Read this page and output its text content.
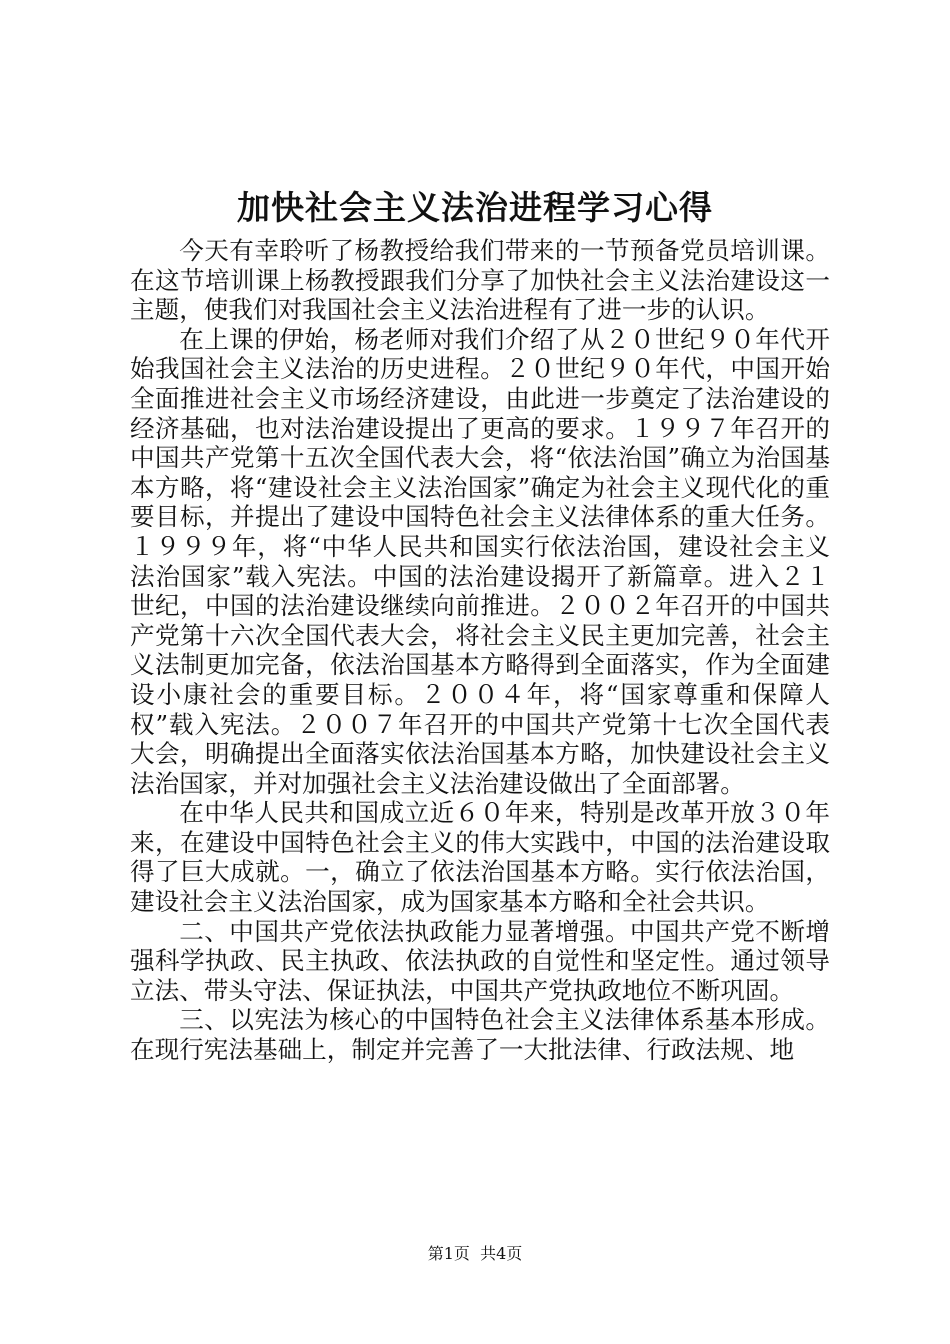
加快社会主义法治进程学习心得

今天有幸聆听了杨教授给我们带来的一节预备党员培训课。在这节培训课上杨教授跟我们分享了加快社会主义法治建设这一主题，使我们对我国社会主义法治进程有了进一步的认识。

在上课的伊始，杨老师对我们介绍了从２０世纪９０年代开始我国社会主义法治的历史进程。２０世纪９０年代，中国开始全面推进社会主义市场经济建设，由此进一步奠定了法治建设的经济基础，也对法治建设提出了更高的要求。１９９７年召开的中国共产党第十五次全国代表大会，将“依法治国”确立为治国基本方略，将“建设社会主义法治国家”确定为社会主义现代化的重要目标，并提出了建设中国特色社会主义法律体系的重大任务。１９９９年，将“中华人民共和国实行依法治国，建设社会主义法治国家”载入宪法。中国的法治建设揭开了新篇章。进入２１世纪，中国的法治建设继续向前推进。２００２年召开的中国共产党第十六次全国代表大会，将社会主义民主更加完善，社会主义法制更加完备，依法治国基本方略得到全面落实，作为全面建设小康社会的重要目标。２００４年，将“国家尊重和保障人权”载入宪法。２００７年召开的中国共产党第十七次全国代表大会，明确提出全面落实依法治国基本方略，加快建设社会主义法治国家，并对加强社会主义法治建设做出了全面部署。

在中华人民共和国成立近６０年来，特别是改革开放３０年来，在建设中国特色社会主义的伟大实践中，中国的法治建设取得了巨大成就。一，确立了依法治国基本方略。实行依法治国，建设社会主义法治国家，成为国家基本方略和全社会共识。

二、中国共产党依法执政能力显著增强。中国共产党不断增强科学执政、民主执政、依法执政的自觉性和坚定性。通过领导立法、带头守法、保证执法，中国共产党执政地位不断巩固。

三、以宪法为核心的中国特色社会主义法律体系基本形成。在现行宪法基础上，制定并完善了一大批法律、行政法规、地

第1页 共4页
